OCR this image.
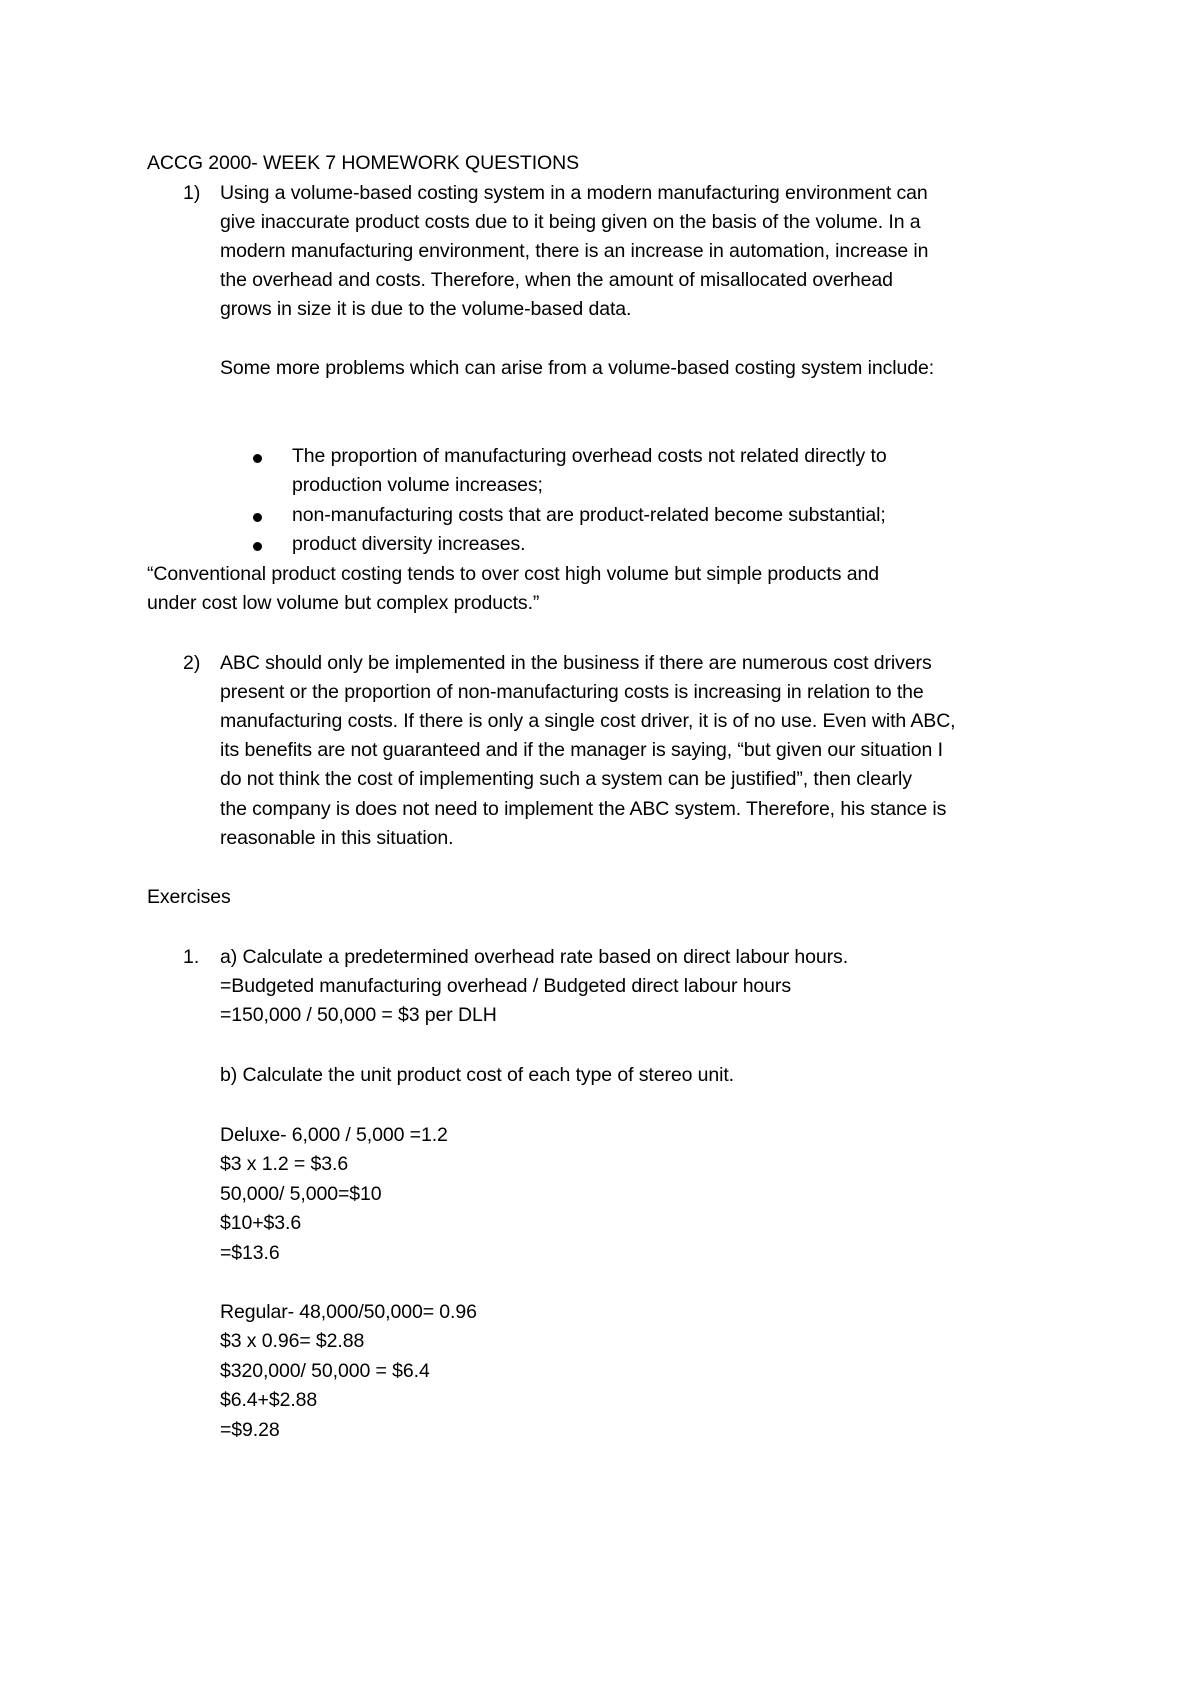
ACCG 2000- WEEK 7 HOMEWORK QUESTIONS
1) Using a volume-based costing system in a modern manufacturing environment can
give inaccurate product costs due to it being given on the basis of the volume. In a
modern manufacturing environment, there is an increase in automation, increase in
the overhead and costs. Therefore, when the amount of misallocated overhead
grows in size it is due to the volume-based data.
Some more problems which can arise from a volume-based costing system include:
The proportion of manufacturing overhead costs not related directly to
production volume increases;
non-manufacturing costs that are product-related become substantial;
product diversity increases.
“Conventional product costing tends to over cost high volume but simple products and
under cost low volume but complex products.”
2) ABC should only be implemented in the business if there are numerous cost drivers
present or the proportion of non-manufacturing costs is increasing in relation to the
manufacturing costs. If there is only a single cost driver, it is of no use. Even with ABC,
its benefits are not guaranteed and if the manager is saying, “but given our situation I
do not think the cost of implementing such a system can be justified”, then clearly
the company is does not need to implement the ABC system. Therefore, his stance is
reasonable in this situation.
Exercises
1. a) Calculate a predetermined overhead rate based on direct labour hours.
=Budgeted manufacturing overhead / Budgeted direct labour hours
=150,000 / 50,000 = $3 per DLH
b) Calculate the unit product cost of each type of stereo unit.
Deluxe- 6,000 / 5,000 =1.2
$3 x 1.2 = $3.6
50,000/ 5,000=$10
$10+$3.6
=$13.6
Regular- 48,000/50,000= 0.96
$3 x 0.96= $2.88
$320,000/ 50,000 = $6.4
$6.4+$2.88
=$9.28
